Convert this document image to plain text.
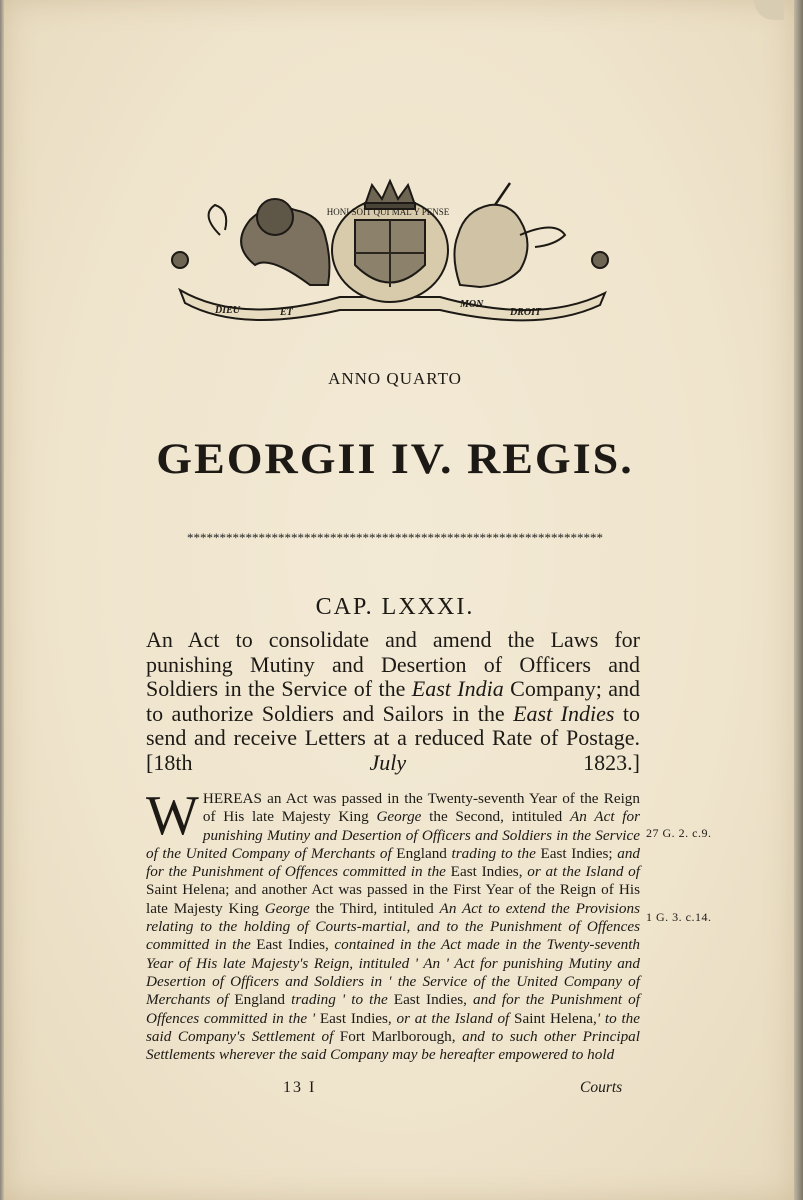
HONI SOIT QUI MAL Y PENSE
DIEU	ET
MON
DROIT
ANNO QUARTO
GEORGII IV. REGIS.
****************************************************************
CAP. LXXXI.
An Act to consolidate and amend the Laws for punishing Mutiny and Desertion of Officers and Soldiers in the Service of the East India Company; and to authorize Soldiers and Sailors in the East Indies to send and receive Letters at a reduced Rate of Postage. [18th July 1823.]
W HEREAS an Act was passed in the Twenty-seventh Year of the Reign of His late Majesty King George the Second, intituled An Act for punishing Mutiny and Desertion of Officers and Soldiers in the Service of the United Company of Merchants of England trading to the East Indies; and for the Punishment of Offences committed in the East Indies, or at the Island of Saint Helena; and another Act was passed in the First Year of the Reign of His late Majesty King George the Third, intituled An Act to extend the Provisions relating to the holding of Courts-martial, and to the Punishment of Offences committed in the East Indies, contained in the Act made in the Twenty-seventh Year of His late Majesty's Reign, intituled ' An ' Act for punishing Mutiny and Desertion of Officers and Soldiers in ' the Service of the United Company of Merchants of England trading ' to the East Indies, and for the Punishment of Offences committed in the ' East Indies, or at the Island of Saint Helena,' to the said Company's Settlement of Fort Marlborough, and to such other Principal Settlements wherever the said Company may be hereafter empowered to hold

27 G. 2. c.9.
1 G. 3. c.14.
13 I	Courts
